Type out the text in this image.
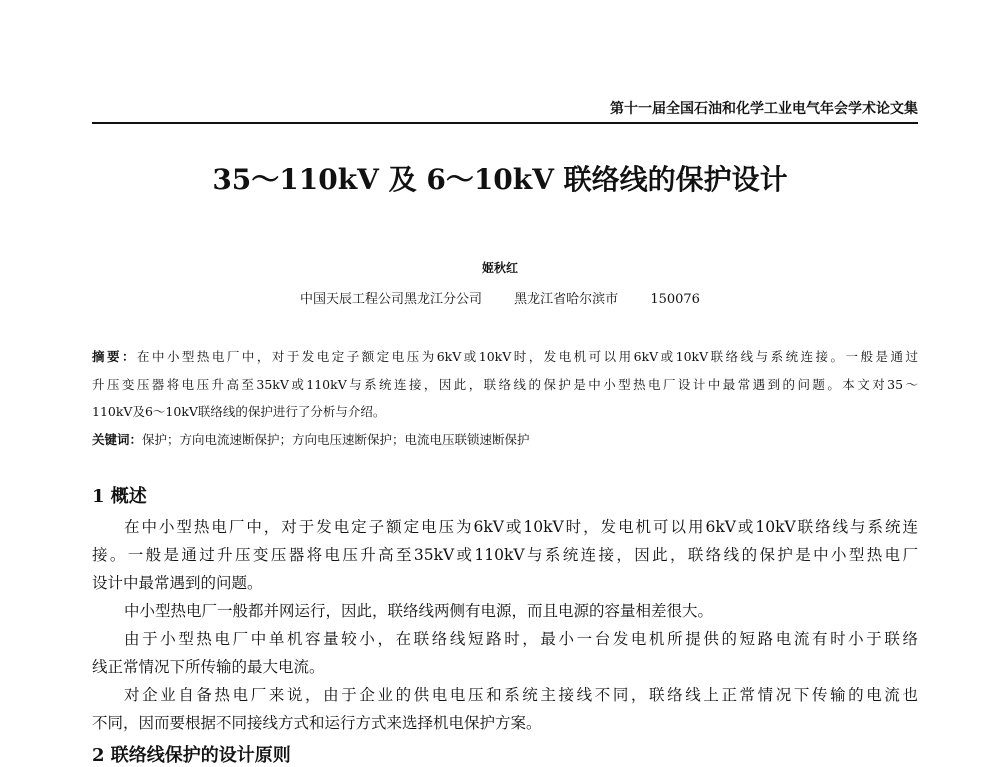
第十一届全国石油和化学工业电气年会学术论文集
35～110kV 及 6～10kV 联络线的保护设计
姬秋红
中国天辰工程公司黑龙江分公司 黑龙江省哈尔滨市 150076
摘要：在中小型热电厂中，对于发电定子额定电压为6kV或10kV时，发电机可以用6kV或10kV联络线与系统连接。一般是通过
升压变压器将电压升高至35kV或110kV与系统连接，因此，联络线的保护是中小型热电厂设计中最常遇到的问题。本文对35～
110kV及6～10kV联络线的保护进行了分析与介绍。
关键词：保护；方向电流速断保护；方向电压速断保护；电流电压联锁速断保护
1 概述
在中小型热电厂中，对于发电定子额定电压为6kV或10kV时，发电机可以用6kV或10kV联络线与系统连
接。一般是通过升压变压器将电压升高至35kV或110kV与系统连接，因此，联络线的保护是中小型热电厂
设计中最常遇到的问题。
中小型热电厂一般都并网运行，因此，联络线两侧有电源，而且电源的容量相差很大。
由于小型热电厂中单机容量较小，在联络线短路时，最小一台发电机所提供的短路电流有时小于联络
线正常情况下所传输的最大电流。
对企业自备热电厂来说，由于企业的供电电压和系统主接线不同，联络线上正常情况下传输的电流也
不同，因而要根据不同接线方式和运行方式来选择机电保护方案。
2 联络线保护的设计原则
